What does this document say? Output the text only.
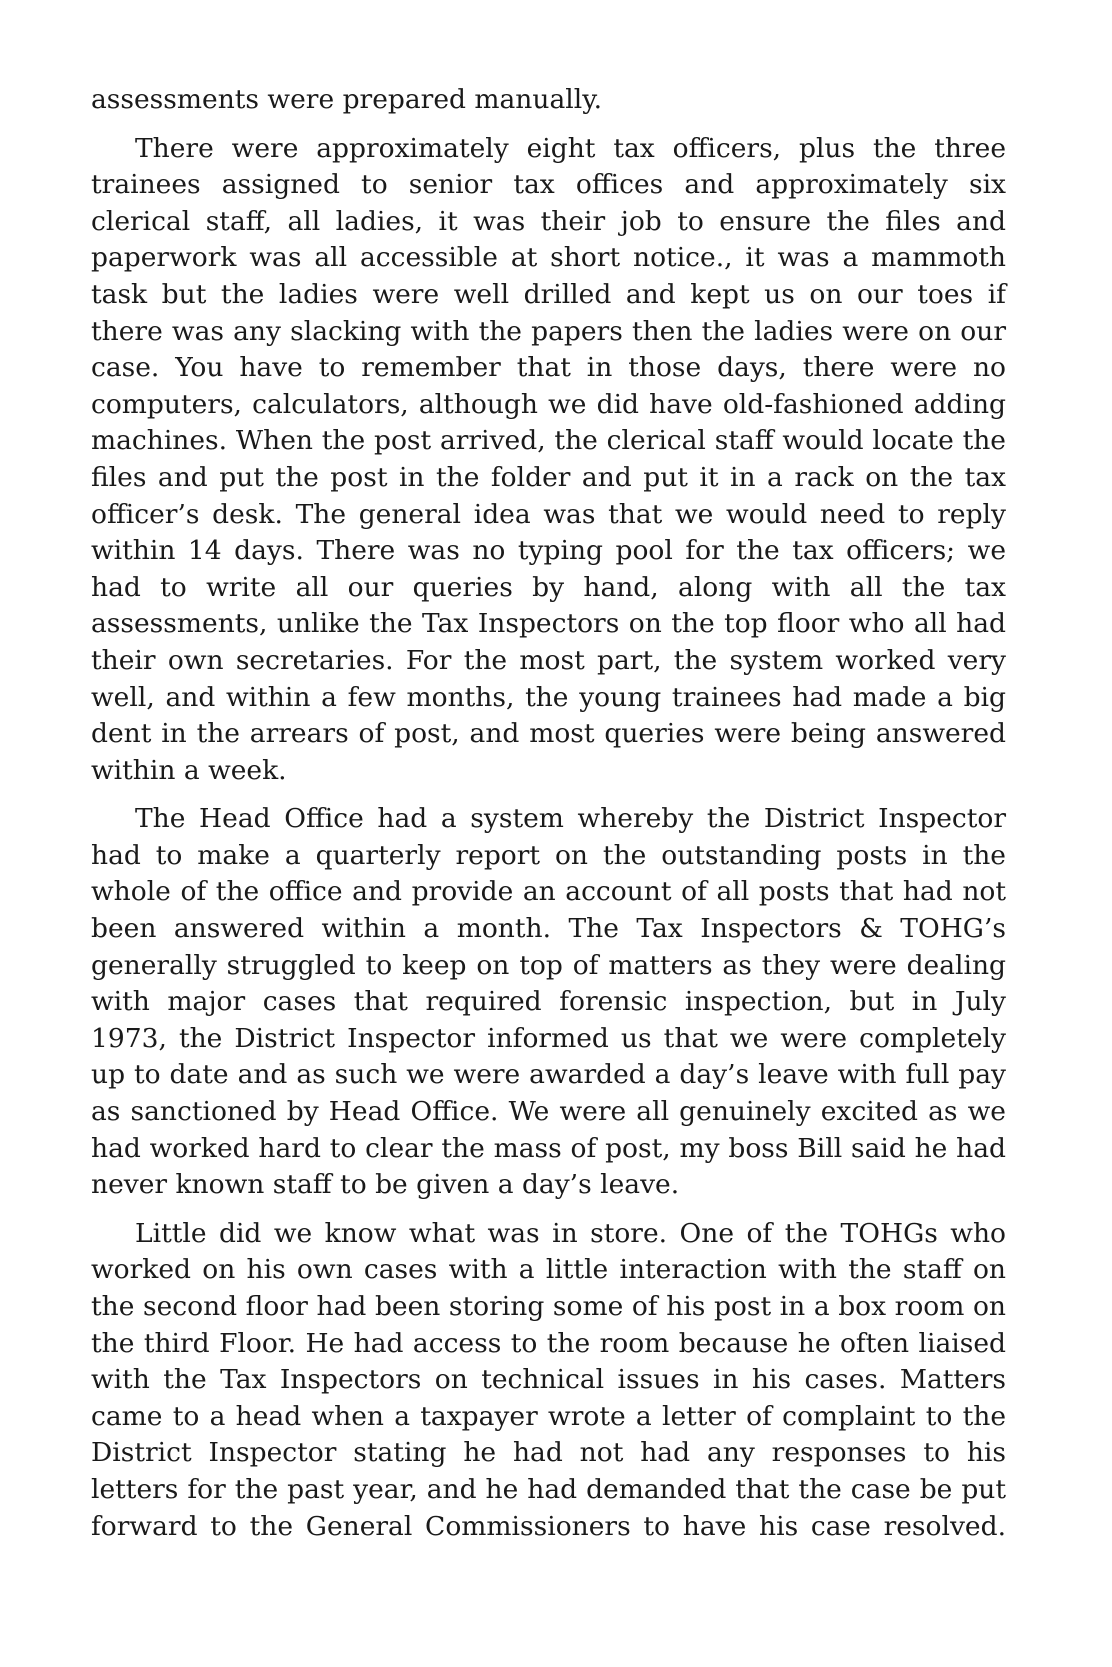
assessments were prepared manually.

There were approximately eight tax officers, plus the three trainees assigned to senior tax offices and approximately six clerical staff, all ladies, it was their job to ensure the files and paperwork was all accessible at short notice., it was a mammoth task but the ladies were well drilled and kept us on our toes if there was any slacking with the papers then the ladies were on our case. You have to remember that in those days, there were no computers, calculators, although we did have old-fashioned adding machines. When the post arrived, the clerical staff would locate the files and put the post in the folder and put it in a rack on the tax officer’s desk. The general idea was that we would need to reply within 14 days. There was no typing pool for the tax officers; we had to write all our queries by hand, along with all the tax assessments, unlike the Tax Inspectors on the top floor who all had their own secretaries. For the most part, the system worked very well, and within a few months, the young trainees had made a big dent in the arrears of post, and most queries were being answered within a week.

The Head Office had a system whereby the District Inspector had to make a quarterly report on the outstanding posts in the whole of the office and provide an account of all posts that had not been answered within a month. The Tax Inspectors & TOHG’s generally struggled to keep on top of matters as they were dealing with major cases that required forensic inspection, but in July 1973, the District Inspector informed us that we were completely up to date and as such we were awarded a day’s leave with full pay as sanctioned by Head Office. We were all genuinely excited as we had worked hard to clear the mass of post, my boss Bill said he had never known staff to be given a day’s leave.

Little did we know what was in store. One of the TOHGs who worked on his own cases with a little interaction with the staff on the second floor had been storing some of his post in a box room on the third Floor. He had access to the room because he often liaised with the Tax Inspectors on technical issues in his cases. Matters came to a head when a taxpayer wrote a letter of complaint to the District Inspector stating he had not had any responses to his letters for the past year, and he had demanded that the case be put forward to the General Commissioners to have his case resolved.
